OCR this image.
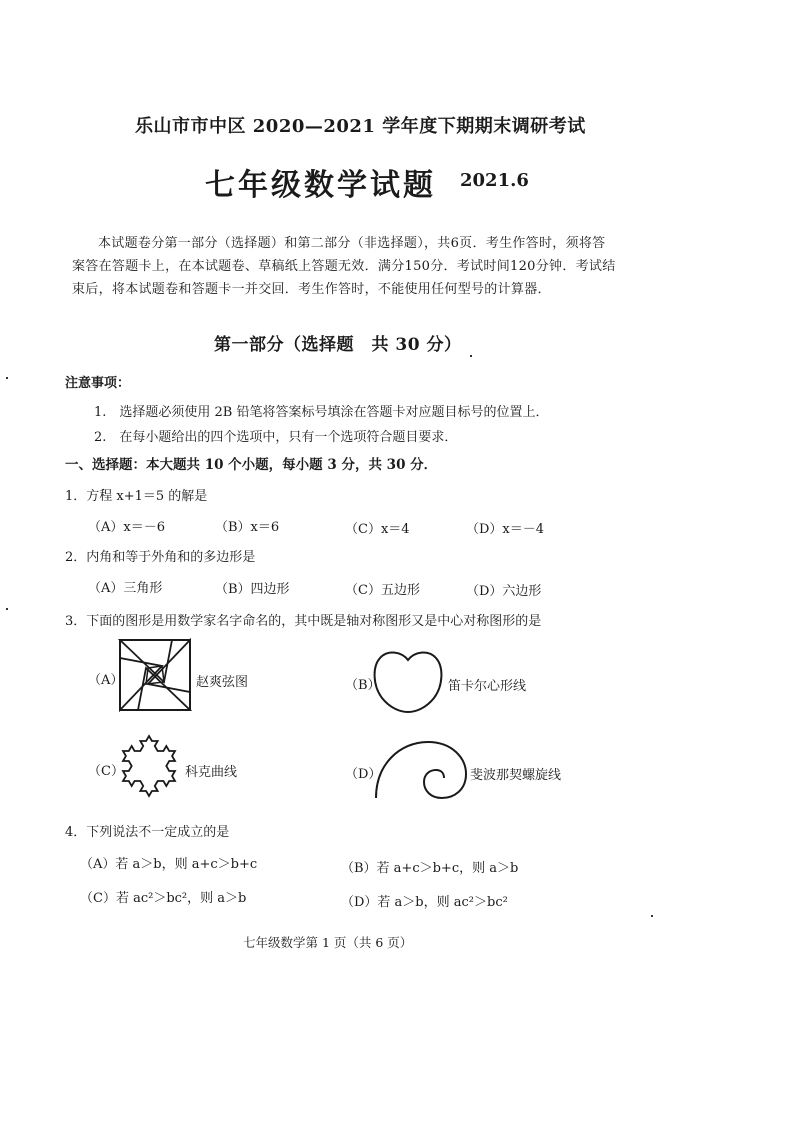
乐山市市中区 2020—2021 学年度下期期末调研考试
七年级数学试题 2021.6
本试题卷分第一部分（选择题）和第二部分（非选择题），共6页．考生作答时，须将答案答在答题卡上，在本试题卷、草稿纸上答题无效．满分150分．考试时间120分钟．考试结束后，将本试题卷和答题卡一并交回．考生作答时，不能使用任何型号的计算器．
第一部分（选择题　共 30 分）
注意事项：
1.　选择题必须使用 2B 铅笔将答案标号填涂在答题卡对应题目标号的位置上．
2.　在每小题给出的四个选项中，只有一个选项符合题目要求．
一、选择题：本大题共 10 个小题，每小题 3 分，共 30 分．
1．方程 x+1＝5 的解是
（A）x＝－6	（B）x＝6	（C）x＝4	（D）x＝－4
2．内角和等于外角和的多边形是
（A）三角形	（B）四边形	（C）五边形	（D）六边形
3．下面的图形是用数学家名字命名的，其中既是轴对称图形又是中心对称图形的是
（A）	赵爽弦图	（B）	笛卡尔心形线
（C）	科克曲线	（D）	斐波那契螺旋线
4．下列说法不一定成立的是
（A）若 a＞b，则 a+c＞b+c	（B）若 a+c＞b+c，则 a＞b
（C）若 ac²＞bc²，则 a＞b	（D）若 a＞b，则 ac²＞bc²
七年级数学第 1 页（共 6 页）
